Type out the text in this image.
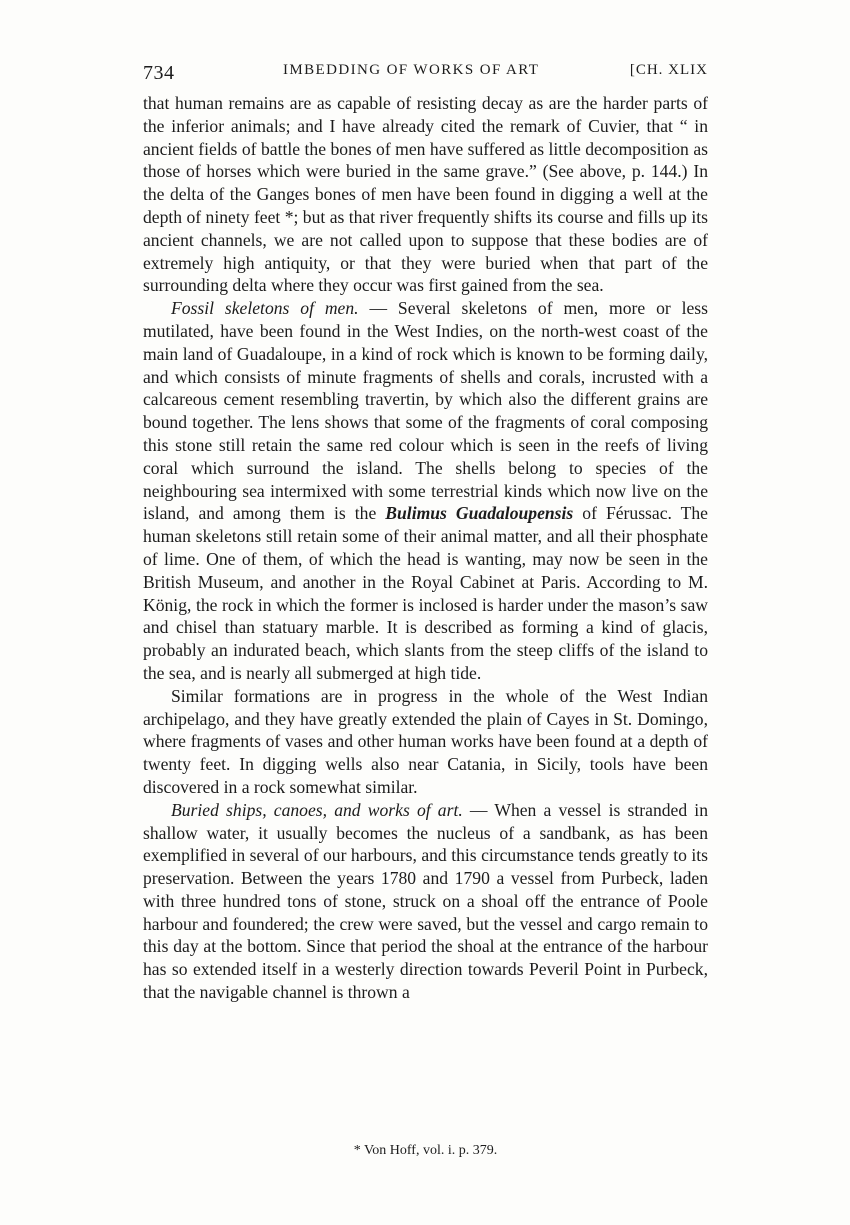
734	IMBEDDING OF WORKS OF ART	[CH. XLIX

that human remains are as capable of resisting decay as are the harder parts of the inferior animals; and I have already cited the remark of Cuvier, that “ in ancient fields of battle the bones of men have suffered as little decomposition as those of horses which were buried in the same grave.” (See above, p. 144.) In the delta of the Ganges bones of men have been found in digging a well at the depth of ninety feet *; but as that river frequently shifts its course and fills up its ancient channels, we are not called upon to suppose that these bodies are of extremely high antiquity, or that they were buried when that part of the surrounding delta where they occur was first gained from the sea.

Fossil skeletons of men. — Several skeletons of men, more or less mutilated, have been found in the West Indies, on the north-west coast of the main land of Guadaloupe, in a kind of rock which is known to be forming daily, and which consists of minute fragments of shells and corals, incrusted with a calcareous cement resembling travertin, by which also the different grains are bound together. The lens shows that some of the fragments of coral composing this stone still retain the same red colour which is seen in the reefs of living coral which surround the island. The shells belong to species of the neighbouring sea intermixed with some terrestrial kinds which now live on the island, and among them is the Bulimus Guadaloupensis of Férussac. The human skeletons still retain some of their animal matter, and all their phosphate of lime. One of them, of which the head is wanting, may now be seen in the British Museum, and another in the Royal Cabinet at Paris. According to M. König, the rock in which the former is inclosed is harder under the mason’s saw and chisel than statuary marble. It is described as forming a kind of glacis, probably an indurated beach, which slants from the steep cliffs of the island to the sea, and is nearly all submerged at high tide.

Similar formations are in progress in the whole of the West Indian archipelago, and they have greatly extended the plain of Cayes in St. Domingo, where fragments of vases and other human works have been found at a depth of twenty feet. In digging wells also near Catania, in Sicily, tools have been discovered in a rock somewhat similar.

Buried ships, canoes, and works of art. — When a vessel is stranded in shallow water, it usually becomes the nucleus of a sandbank, as has been exemplified in several of our harbours, and this circumstance tends greatly to its preservation. Between the years 1780 and 1790 a vessel from Purbeck, laden with three hundred tons of stone, struck on a shoal off the entrance of Poole harbour and foundered; the crew were saved, but the vessel and cargo remain to this day at the bottom. Since that period the shoal at the entrance of the harbour has so extended itself in a westerly direction towards Peveril Point in Purbeck, that the navigable channel is thrown a

* Von Hoff, vol. i. p. 379.
